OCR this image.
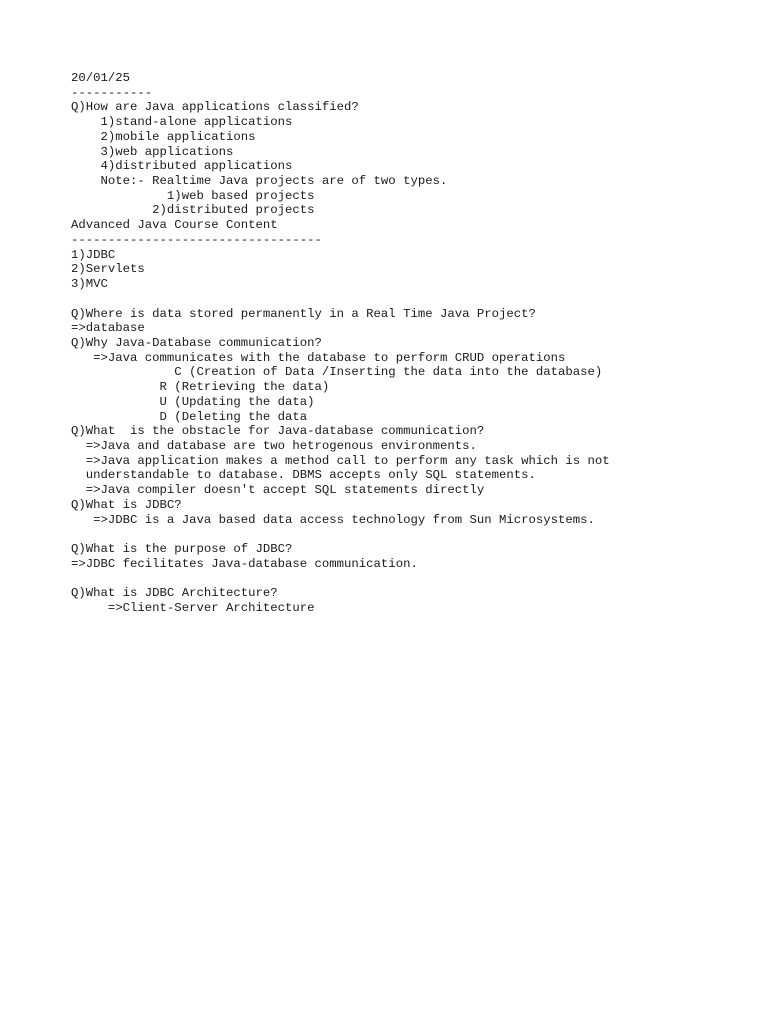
20/01/25
-----------
Q)How are Java applications classified?
1)stand-alone applications
2)mobile applications
3)web applications
4)distributed applications
Note:- Realtime Java projects are of two types.
1)web based projects
2)distributed projects
Advanced Java Course Content
----------------------------------
1)JDBC
2)Servlets
3)MVC
Q)Where is data stored permanently in a Real Time Java Project?
=>database
Q)Why Java-Database communication?
=>Java communicates with the database to perform CRUD operations
C (Creation of Data /Inserting the data into the database)
R (Retrieving the data)
U (Updating the data)
D (Deleting the data
Q)What  is the obstacle for Java-database communication?
=>Java and database are two hetrogenous environments.
=>Java application makes a method call to perform any task which is not
understandable to database. DBMS accepts only SQL statements.
=>Java compiler doesn't accept SQL statements directly
Q)What is JDBC?
=>JDBC is a Java based data access technology from Sun Microsystems.
Q)What is the purpose of JDBC?
=>JDBC fecilitates Java-database communication.
Q)What is JDBC Architecture?
=>Client-Server Architecture
